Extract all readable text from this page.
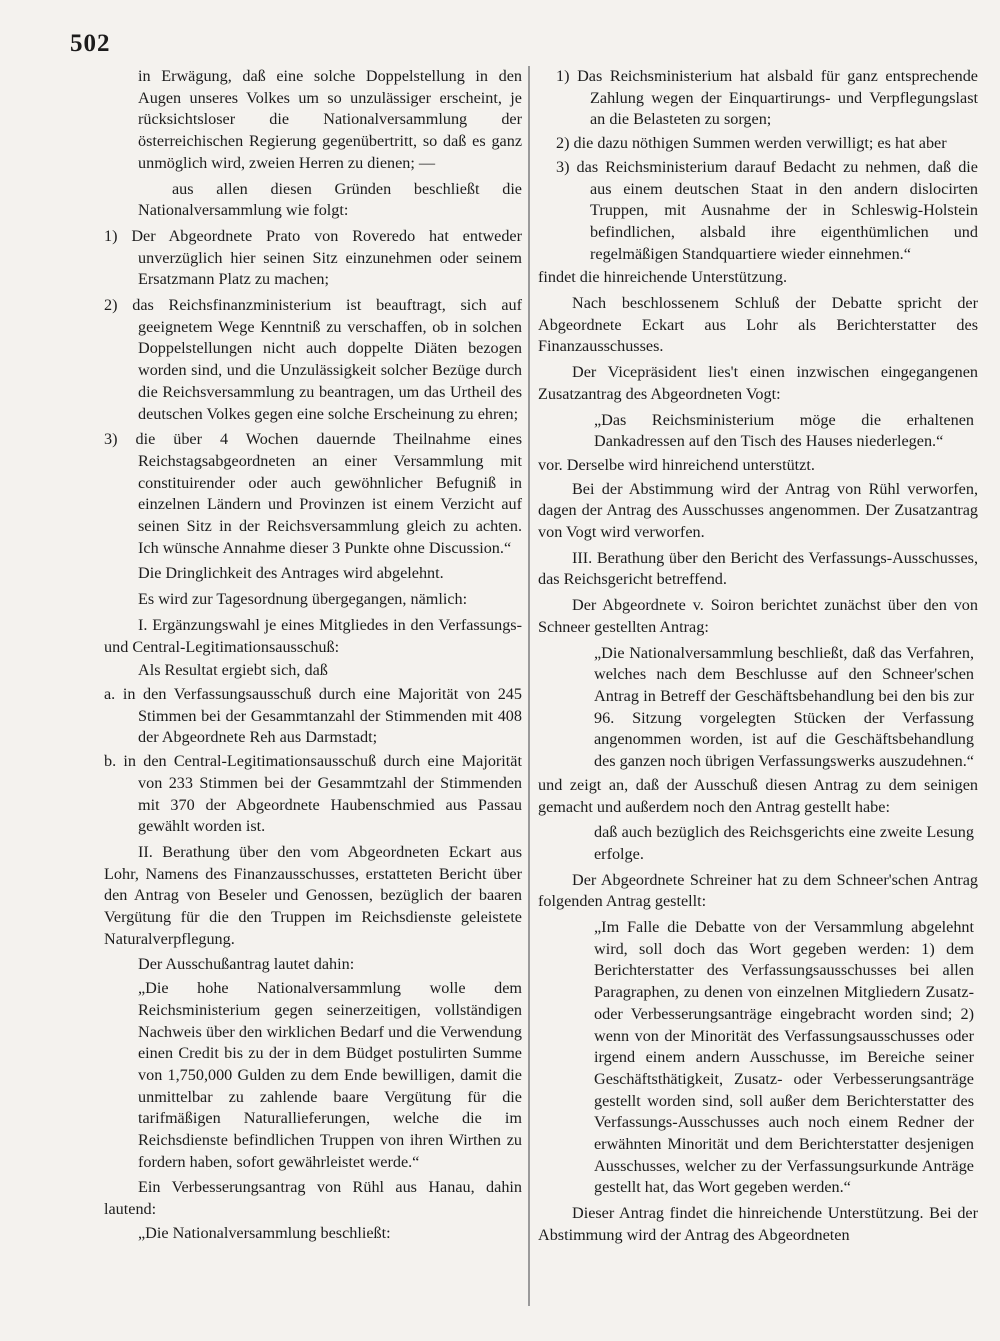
502

in Erwägung, daß eine solche Doppelstellung in den Augen unseres Volkes um so unzulässiger erscheint, je rücksichtsloser die Nationalversammlung der österreichischen Regierung gegenübertritt, so daß es ganz unmöglich wird, zweien Herren zu dienen; —

aus allen diesen Gründen beschließt die Nationalversammlung wie folgt:

1) Der Abgeordnete Prato von Roveredo hat entweder unverzüglich hier seinen Sitz einzunehmen oder seinem Ersatzmann Platz zu machen;

2) das Reichsfinanzministerium ist beauftragt, sich auf geeignetem Wege Kenntniß zu verschaffen, ob in solchen Doppelstellungen nicht auch doppelte Diäten bezogen worden sind, und die Unzulässigkeit solcher Bezüge durch die Reichsversammlung zu beantragen, um das Urtheil des deutschen Volkes gegen eine solche Erscheinung zu ehren;

3) die über 4 Wochen dauernde Theilnahme eines Reichstagsabgeordneten an einer Versammlung mit constituirender oder auch gewöhnlicher Befugniß in einzelnen Ländern und Provinzen ist einem Verzicht auf seinen Sitz in der Reichsversammlung gleich zu achten. Ich wünsche Annahme dieser 3 Punkte ohne Discussion.“

Die Dringlichkeit des Antrages wird abgelehnt.

Es wird zur Tagesordnung übergegangen, nämlich:

I. Ergänzungswahl je eines Mitgliedes in den Verfassungs- und Central-Legitimationsausschuß:

Als Resultat ergiebt sich, daß

a. in den Verfassungsausschuß durch eine Majorität von 245 Stimmen bei der Gesammtanzahl der Stimmenden mit 408 der Abgeordnete Reh aus Darmstadt;

b. in den Central-Legitimationsausschuß durch eine Majorität von 233 Stimmen bei der Gesammtzahl der Stimmenden mit 370 der Abgeordnete Haubenschmied aus Passau gewählt worden ist.

II. Berathung über den vom Abgeordneten Eckart aus Lohr, Namens des Finanzausschusses, erstatteten Bericht über den Antrag von Beseler und Genossen, bezüglich der baaren Vergütung für die den Truppen im Reichsdienste geleistete Naturalverpflegung.

Der Ausschußantrag lautet dahin:

„Die hohe Nationalversammlung wolle dem Reichsministerium gegen seinerzeitigen, vollständigen Nachweis über den wirklichen Bedarf und die Verwendung einen Credit bis zu der in dem Büdget postulirten Summe von 1,750,000 Gulden zu dem Ende bewilligen, damit die unmittelbar zu zahlende baare Vergütung für die tarifmäßigen Naturallieferungen, welche die im Reichsdienste befindlichen Truppen von ihren Wirthen zu fordern haben, sofort gewährleistet werde.“

Ein Verbesserungsantrag von Rühl aus Hanau, dahin lautend:

„Die Nationalversammlung beschließt:

1) Das Reichsministerium hat alsbald für ganz entsprechende Zahlung wegen der Einquartirungs- und Verpflegungslast an die Belasteten zu sorgen;

2) die dazu nöthigen Summen werden verwilligt; es hat aber

3) das Reichsministerium darauf Bedacht zu nehmen, daß die aus einem deutschen Staat in den andern dislocirten Truppen, mit Ausnahme der in Schleswig-Holstein befindlichen, alsbald ihre eigenthümlichen und regelmäßigen Standquartiere wieder einnehmen.“

findet die hinreichende Unterstützung.

Nach beschlossenem Schluß der Debatte spricht der Abgeordnete Eckart aus Lohr als Berichterstatter des Finanzausschusses.

Der Vicepräsident lies't einen inzwischen eingegangenen Zusatzantrag des Abgeordneten Vogt:

„Das Reichsministerium möge die erhaltenen Dankadressen auf den Tisch des Hauses niederlegen.“

vor. Derselbe wird hinreichend unterstützt.

Bei der Abstimmung wird der Antrag von Rühl verworfen, dagen der Antrag des Ausschusses angenommen. Der Zusatzantrag von Vogt wird verworfen.

III. Berathung über den Bericht des Verfassungs-Ausschusses, das Reichsgericht betreffend.

Der Abgeordnete v. Soiron berichtet zunächst über den von Schneer gestellten Antrag:

„Die Nationalversammlung beschließt, daß das Verfahren, welches nach dem Beschlusse auf den Schneer'schen Antrag in Betreff der Geschäftsbehandlung bei den bis zur 96. Sitzung vorgelegten Stücken der Verfassung angenommen worden, ist auf die Geschäftsbehandlung des ganzen noch übrigen Verfassungswerks auszudehnen.“

und zeigt an, daß der Ausschuß diesen Antrag zu dem seinigen gemacht und außerdem noch den Antrag gestellt habe:

daß auch bezüglich des Reichsgerichts eine zweite Lesung erfolge.

Der Abgeordnete Schreiner hat zu dem Schneer'schen Antrag folgenden Antrag gestellt:

„Im Falle die Debatte von der Versammlung abgelehnt wird, soll doch das Wort gegeben werden: 1) dem Berichterstatter des Verfassungsausschusses bei allen Paragraphen, zu denen von einzelnen Mitgliedern Zusatz- oder Verbesserungsanträge eingebracht worden sind; 2) wenn von der Minorität des Verfassungsausschusses oder irgend einem andern Ausschusse, im Bereiche seiner Geschäftsthätigkeit, Zusatz- oder Verbesserungsanträge gestellt worden sind, soll außer dem Berichterstatter des Verfassungs-Ausschusses auch noch einem Redner der erwähnten Minorität und dem Berichterstatter desjenigen Ausschusses, welcher zu der Verfassungsurkunde Anträge gestellt hat, das Wort gegeben werden.“

Dieser Antrag findet die hinreichende Unterstützung. Bei der Abstimmung wird der Antrag des Abgeordneten
